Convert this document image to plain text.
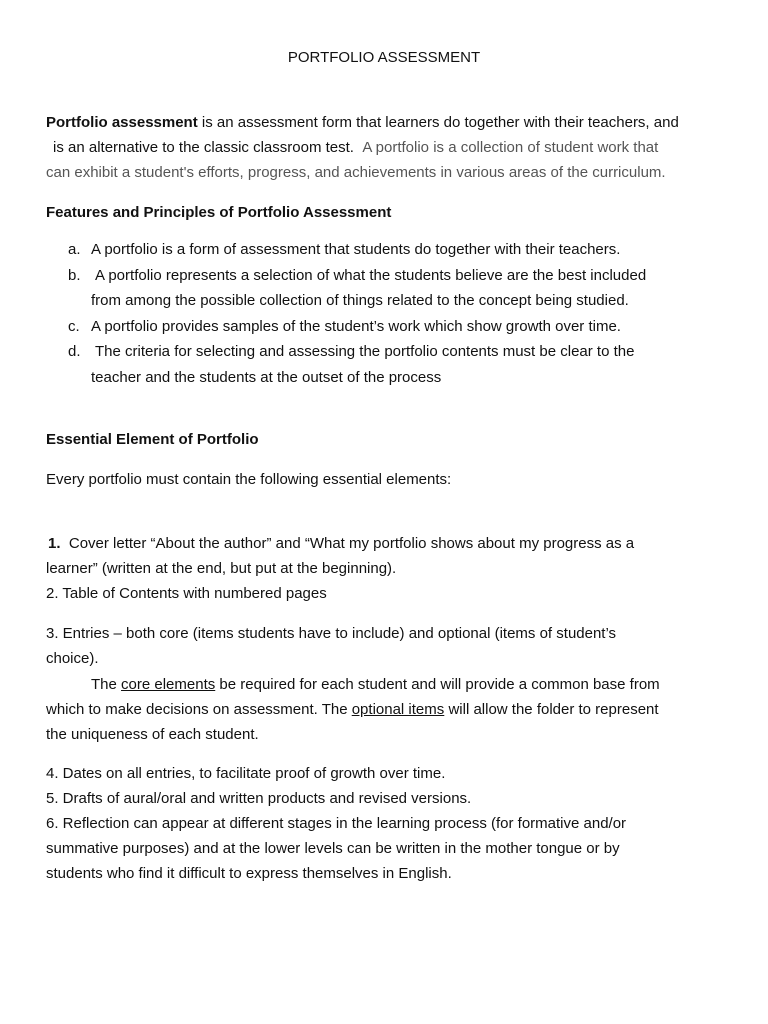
PORTFOLIO ASSESSMENT
Portfolio assessment is an assessment form that learners do together with their teachers, and
is an alternative to the classic classroom test. A portfolio is a collection of student work that
can exhibit a student's efforts, progress, and achievements in various areas of the curriculum.
Features and Principles of Portfolio Assessment
a. A portfolio is a form of assessment that students do together with their teachers.
b. A portfolio represents a selection of what the students believe are the best included
from among the possible collection of things related to the concept being studied.
c. A portfolio provides samples of the student’s work which show growth over time.
d. The criteria for selecting and assessing the portfolio contents must be clear to the
teacher and the students at the outset of the process
Essential Element of Portfolio
Every portfolio must contain the following essential elements:
1. Cover letter “About the author” and “What my portfolio shows about my progress as a
learner” (written at the end, but put at the beginning).
2. Table of Contents with numbered pages
3. Entries – both core (items students have to include) and optional (items of student’s
choice).
The core elements be required for each student and will provide a common base from
which to make decisions on assessment. The optional items will allow the folder to represent
the uniqueness of each student.
4. Dates on all entries, to facilitate proof of growth over time.
5. Drafts of aural/oral and written products and revised versions.
6. Reflection can appear at different stages in the learning process (for formative and/or
summative purposes) and at the lower levels can be written in the mother tongue or by
students who find it difficult to express themselves in English.
